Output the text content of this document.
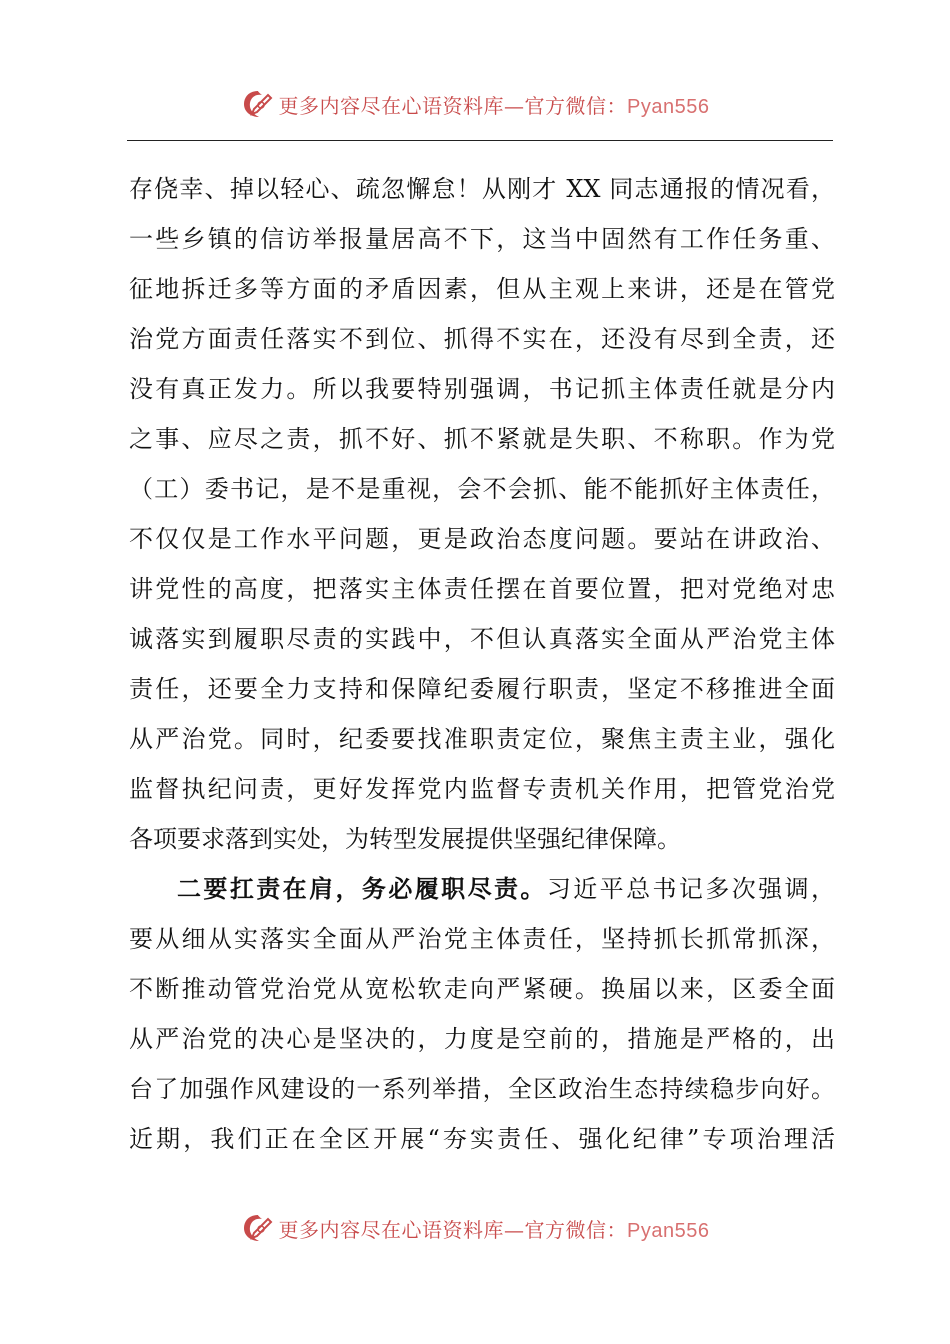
更多内容尽在心语资料库—官方微信：Pyan556
存侥幸、掉以轻心、疏忽懈怠！从刚才 XX 同志通报的情况看，
一些乡镇的信访举报量居高不下，这当中固然有工作任务重、
征地拆迁多等方面的矛盾因素，但从主观上来讲，还是在管党
治党方面责任落实不到位、抓得不实在，还没有尽到全责，还
没有真正发力。所以我要特别强调，书记抓主体责任就是分内
之事、应尽之责，抓不好、抓不紧就是失职、不称职。作为党
（工）委书记，是不是重视，会不会抓、能不能抓好主体责任，
不仅仅是工作水平问题，更是政治态度问题。要站在讲政治、
讲党性的高度，把落实主体责任摆在首要位置，把对党绝对忠
诚落实到履职尽责的实践中，不但认真落实全面从严治党主体
责任，还要全力支持和保障纪委履行职责，坚定不移推进全面
从严治党。同时，纪委要找准职责定位，聚焦主责主业，强化
监督执纪问责，更好发挥党内监督专责机关作用，把管党治党
各项要求落到实处，为转型发展提供坚强纪律保障。
二要扛责在肩，务必履职尽责。习近平总书记多次强调，
要从细从实落实全面从严治党主体责任，坚持抓长抓常抓深，
不断推动管党治党从宽松软走向严紧硬。换届以来，区委全面
从严治党的决心是坚决的，力度是空前的，措施是严格的，出
台了加强作风建设的一系列举措，全区政治生态持续稳步向好。
近期，我们正在全区开展“夯实责任、强化纪律”专项治理活
更多内容尽在心语资料库—官方微信：Pyan556
